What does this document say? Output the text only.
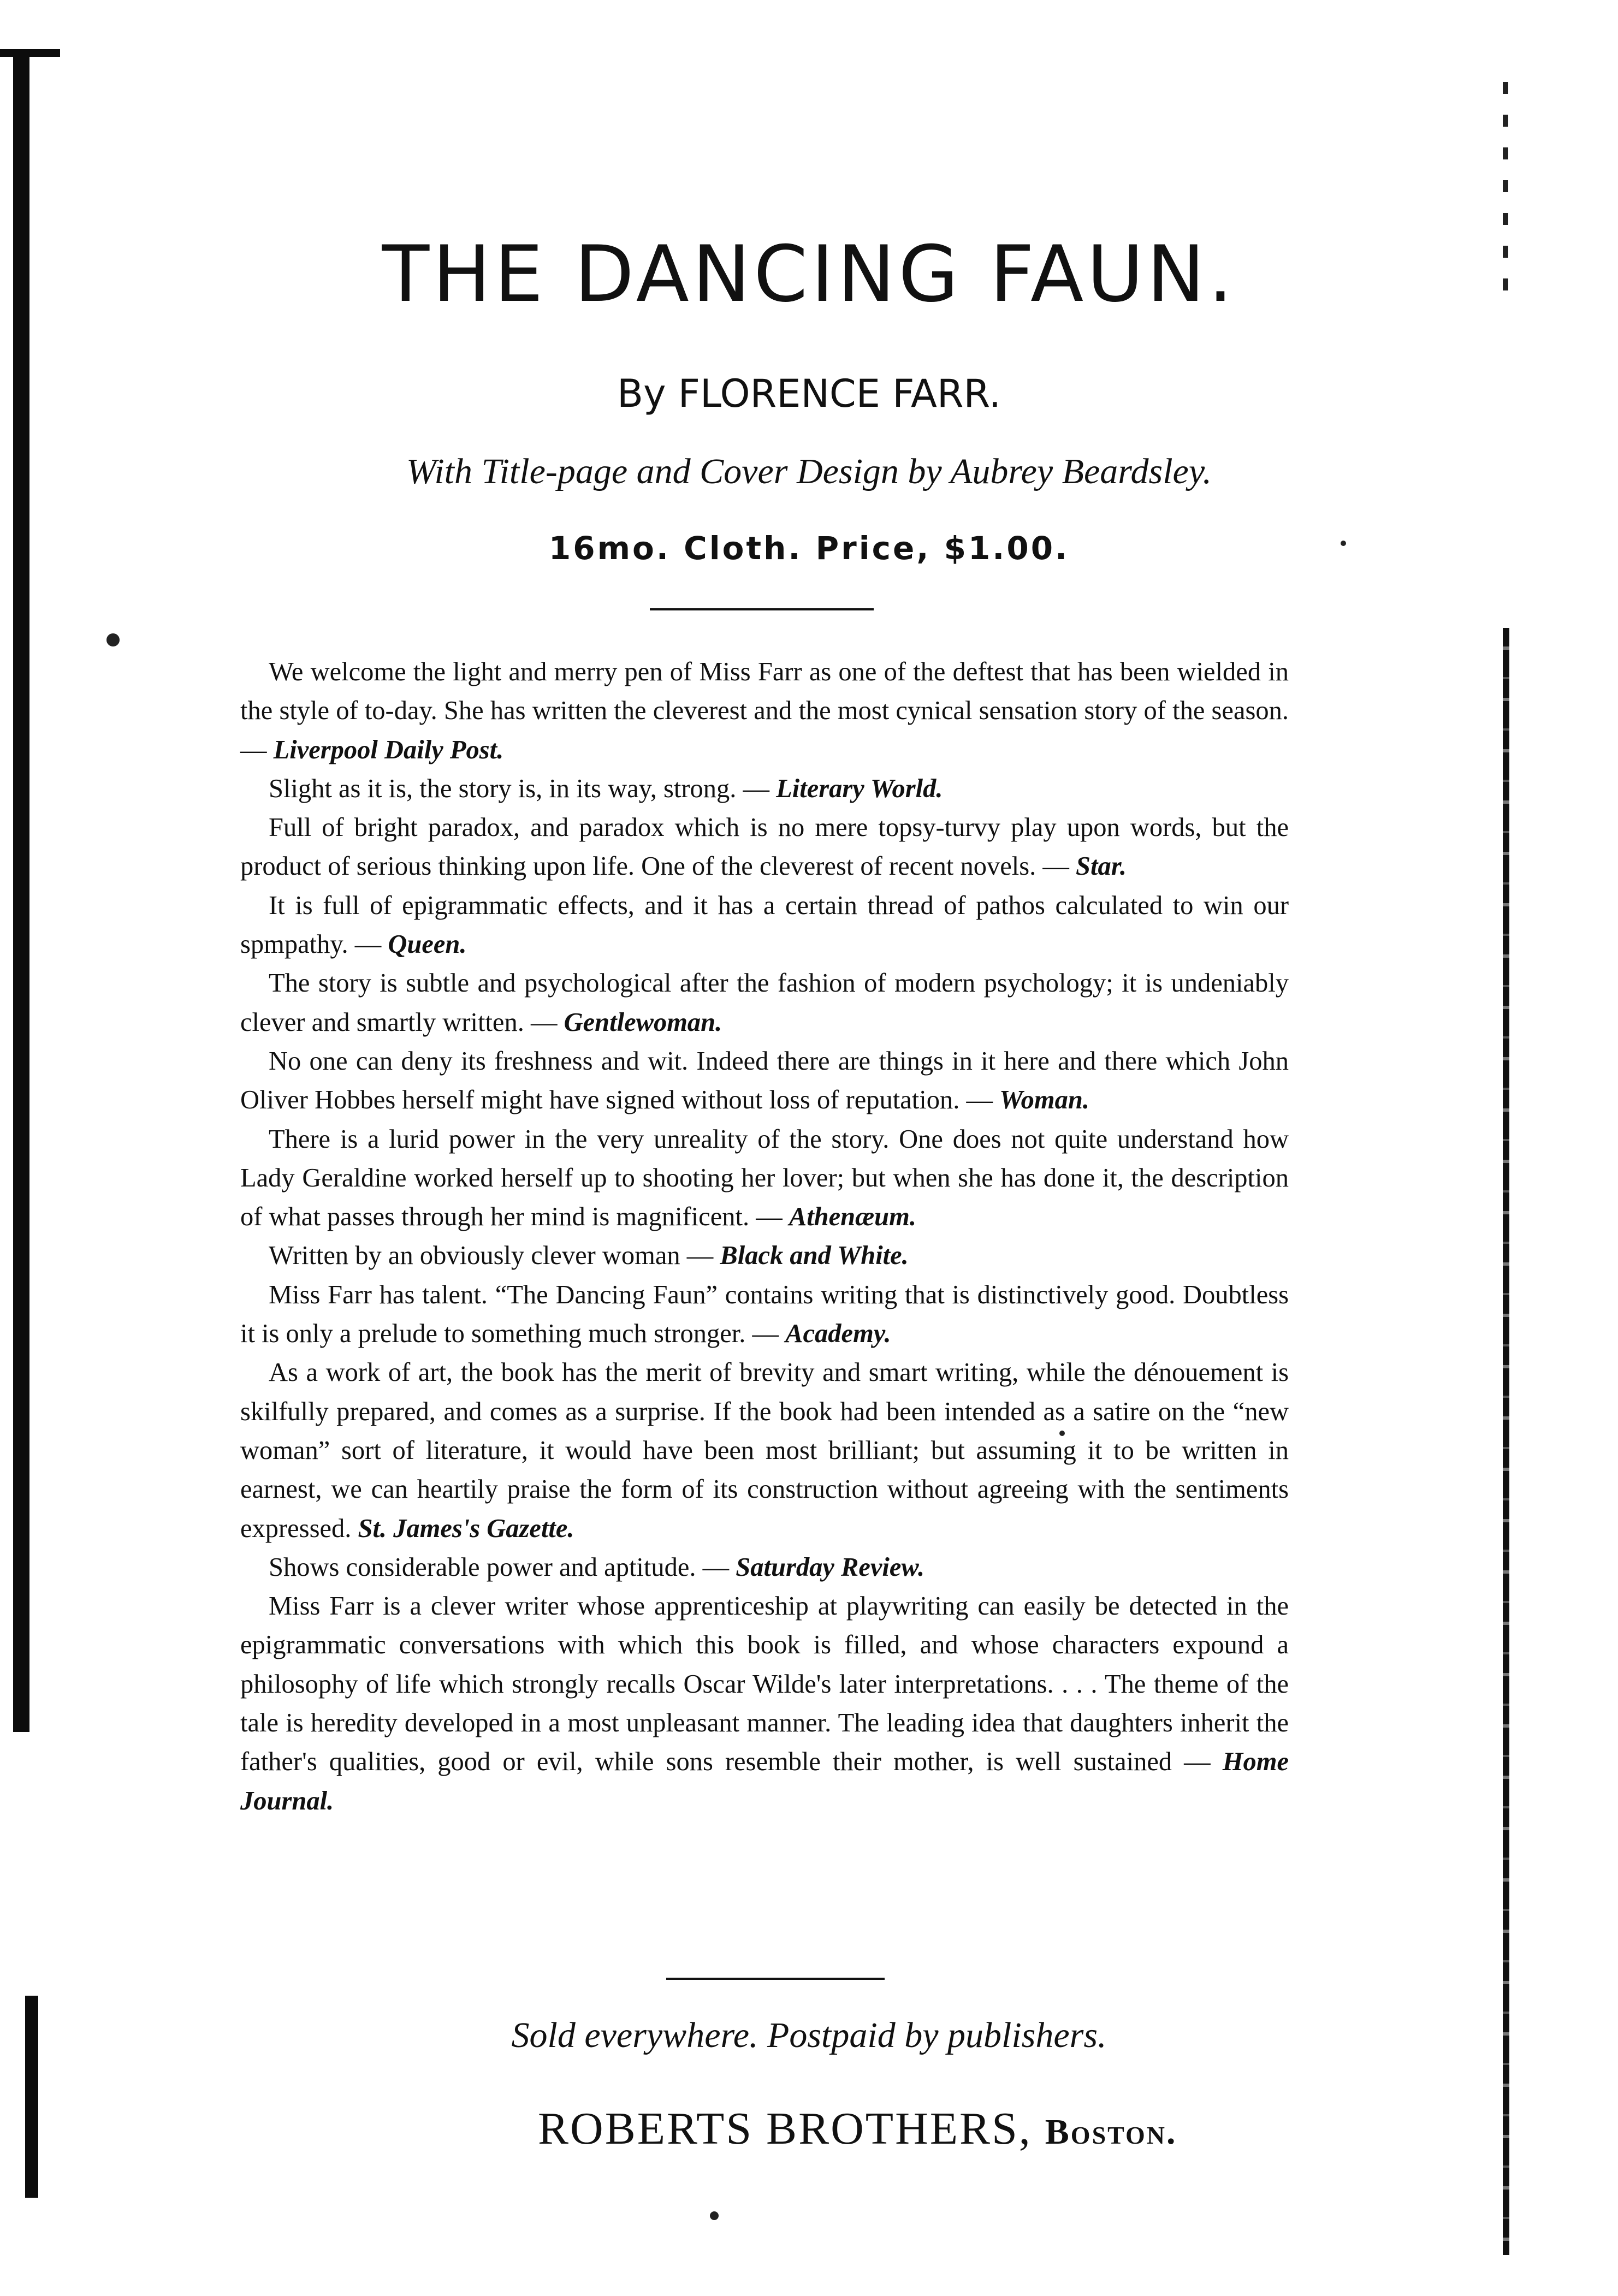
THE DANCING FAUN.
By FLORENCE FARR.
With Title-page and Cover Design by Aubrey Beardsley.
16mo. Cloth. Price, $1.00.

We welcome the light and merry pen of Miss Farr as one of the deftest that has been wielded in the style of to-day. She has written the cleverest and the most cynical sensation story of the season. — Liverpool Daily Post.

Slight as it is, the story is, in its way, strong. — Literary World.

Full of bright paradox, and paradox which is no mere topsy-turvy play upon words, but the product of serious thinking upon life. One of the cleverest of recent novels. — Star.

It is full of epigrammatic effects, and it has a certain thread of pathos calculated to win our spmpathy. — Queen.

The story is subtle and psychological after the fashion of modern psychology; it is undeniably clever and smartly written. — Gentlewoman.

No one can deny its freshness and wit. Indeed there are things in it here and there which John Oliver Hobbes herself might have signed without loss of reputation. — Woman.

There is a lurid power in the very unreality of the story. One does not quite understand how Lady Geraldine worked herself up to shooting her lover; but when she has done it, the description of what passes through her mind is magnificent. — Athenæum.

Written by an obviously clever woman — Black and White.

Miss Farr has talent. “The Dancing Faun” contains writing that is distinctively good. Doubtless it is only a prelude to something much stronger. — Academy.

As a work of art, the book has the merit of brevity and smart writing, while the dénouement is skilfully prepared, and comes as a surprise. If the book had been intended as a satire on the “new woman” sort of literature, it would have been most brilliant; but assuming it to be written in earnest, we can heartily praise the form of its construction without agreeing with the sentiments expressed. St. James's Gazette.

Shows considerable power and aptitude. — Saturday Review.

Miss Farr is a clever writer whose apprenticeship at playwriting can easily be detected in the epigrammatic conversations with which this book is filled, and whose characters expound a philosophy of life which strongly recalls Oscar Wilde's later interpretations. . . . The theme of the tale is heredity developed in a most unpleasant manner. The leading idea that daughters inherit the father's qualities, good or evil, while sons resemble their mother, is well sustained — Home Journal.

Sold everywhere. Postpaid by publishers.
ROBERTS BROTHERS, Boston.
